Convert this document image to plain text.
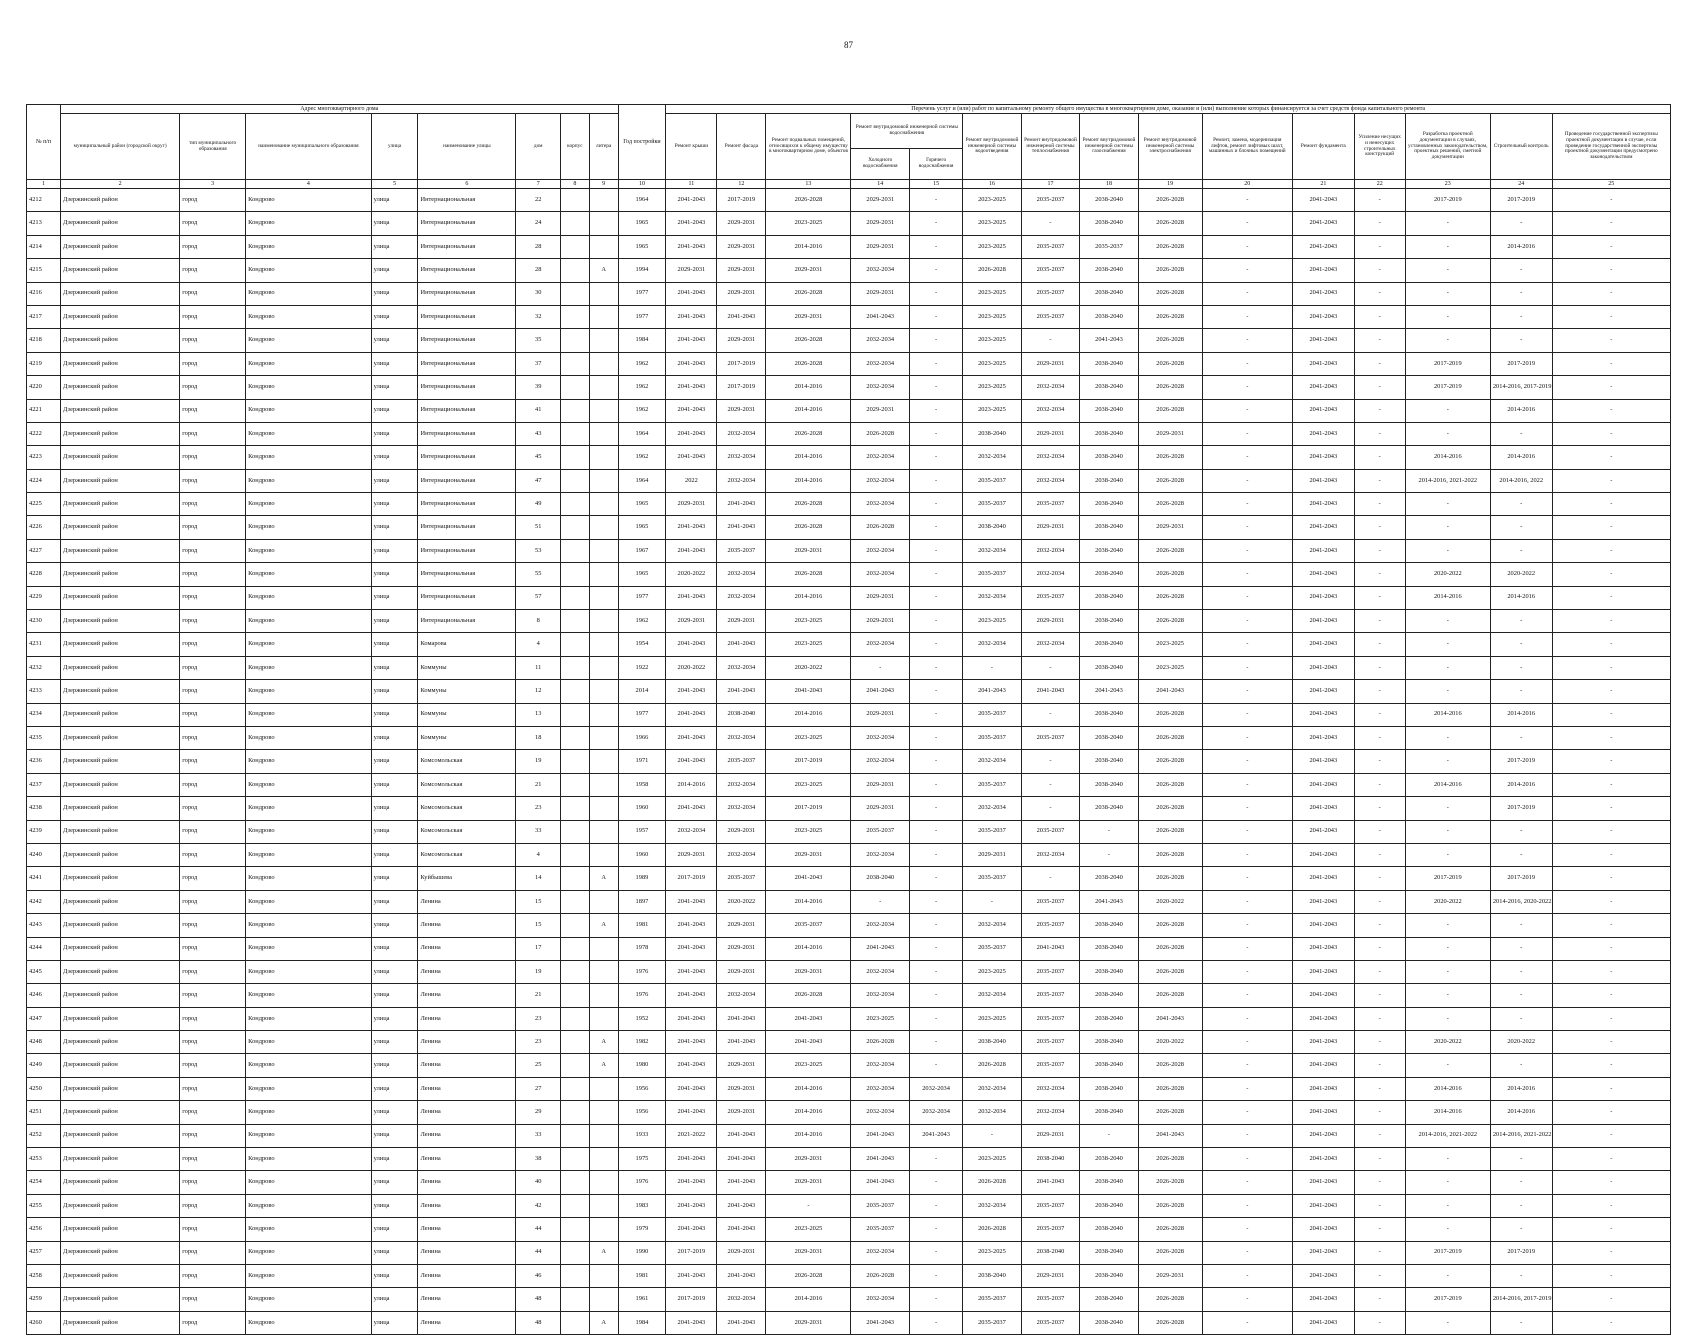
87
№ п/п	Адрес многоквартирного дома								Год постройки	Перечень услуг и (или) работ по капитальному ремонту общего имущества в многоквартирном доме, оказание и (или) выполнение которых финансируется за счет средств фонда капитального ремонта														
	муниципальный район (городской округ)	тип муниципального образования	наименование муниципального образования	улица	наименование улицы	дом	корпус	литера		Ремонт крыши	Ремонт фасада	Ремонт подвальных помещений, относящихся к общему имуществу в многоквартирном доме, объектов	Ремонт внутридомовой инженерной системы водоснабжения		Ремонт внутридомовой инженерной системы водоотведения	Ремонт внутридомовой инженерной системы теплоснабжения	Ремонт внутридомовой инженерной системы газоснабжения	Ремонт внутридомовой инженерной системы электроснабжения	Ремонт, замена, модернизация лифтов, ремонт лифтовых шахт, машинных и блочных помещений	Ремонт фундамента	Усиление несущих и ненесущих строительных конструкций	Разработка проектной документации в случаях, установленных законодательством, проектных решений, сметной документации	Строительный контроль	Проведение государственной экспертизы проектной документации в случае, если проведение государственной экспертизы проектной документации предусмотрено законодательством
													Холодного водоснабжения	Горячего водоснабжения										
1	2	3	4	5	6	7	8	9	10	11	12	13	14	15	16	17	18	19	20	21	22	23	24	25
4212	Дзержинский район	город	Кондрово	улица	Интернациональная	22			1964	2041-2043	2017-2019	2026-2028	2029-2031	-	2023-2025	2035-2037	2038-2040	2026-2028	-	2041-2043	-	2017-2019	2017-2019	-
4213	Дзержинский район	город	Кондрово	улица	Интернациональная	24			1965	2041-2043	2029-2031	2023-2025	2029-2031	-	2023-2025	-	2038-2040	2026-2028	-	2041-2043	-	-	-	-
4214	Дзержинский район	город	Кондрово	улица	Интернациональная	28			1965	2041-2043	2029-2031	2014-2016	2029-2031	-	2023-2025	2035-2037	2035-2037	2026-2028	-	2041-2043	-	-	2014-2016	-
4215	Дзержинский район	город	Кондрово	улица	Интернациональная	28		А	1994	2029-2031	2029-2031	2029-2031	2032-2034	-	2026-2028	2035-2037	2038-2040	2026-2028	-	2041-2043	-	-	-	-
4216	Дзержинский район	город	Кондрово	улица	Интернациональная	30			1977	2041-2043	2029-2031	2026-2028	2029-2031	-	2023-2025	2035-2037	2038-2040	2026-2028	-	2041-2043	-	-	-	-
4217	Дзержинский район	город	Кондрово	улица	Интернациональная	32			1977	2041-2043	2041-2043	2029-2031	2041-2043	-	2023-2025	2035-2037	2038-2040	2026-2028	-	2041-2043	-	-	-	-
4218	Дзержинский район	город	Кондрово	улица	Интернациональная	35			1984	2041-2043	2029-2031	2026-2028	2032-2034	-	2023-2025	-	2041-2043	2026-2028	-	2041-2043	-	-	-	-
4219	Дзержинский район	город	Кондрово	улица	Интернациональная	37			1962	2041-2043	2017-2019	2026-2028	2032-2034	-	2023-2025	2029-2031	2038-2040	2026-2028	-	2041-2043	-	2017-2019	2017-2019	-
4220	Дзержинский район	город	Кондрово	улица	Интернациональная	39			1962	2041-2043	2017-2019	2014-2016	2032-2034	-	2023-2025	2032-2034	2038-2040	2026-2028	-	2041-2043	-	2017-2019	2014-2016, 2017-2019	-
4221	Дзержинский район	город	Кондрово	улица	Интернациональная	41			1962	2041-2043	2029-2031	2014-2016	2029-2031	-	2023-2025	2032-2034	2038-2040	2026-2028	-	2041-2043	-	-	2014-2016	-
4222	Дзержинский район	город	Кондрово	улица	Интернациональная	43			1964	2041-2043	2032-2034	2026-2028	2026-2028	-	2038-2040	2029-2031	2038-2040	2029-2031	-	2041-2043	-	-	-	-
4223	Дзержинский район	город	Кондрово	улица	Интернациональная	45			1962	2041-2043	2032-2034	2014-2016	2032-2034	-	2032-2034	2032-2034	2038-2040	2026-2028	-	2041-2043	-	2014-2016	2014-2016	-
4224	Дзержинский район	город	Кондрово	улица	Интернациональная	47			1964	2022	2032-2034	2014-2016	2032-2034	-	2035-2037	2032-2034	2038-2040	2026-2028	-	2041-2043	-	2014-2016, 2021-2022	2014-2016, 2022	-
4225	Дзержинский район	город	Кондрово	улица	Интернациональная	49			1965	2029-2031	2041-2043	2026-2028	2032-2034	-	2035-2037	2035-2037	2038-2040	2026-2028	-	2041-2043	-	-	-	-
4226	Дзержинский район	город	Кондрово	улица	Интернациональная	51			1965	2041-2043	2041-2043	2026-2028	2026-2028	-	2038-2040	2029-2031	2038-2040	2029-2031	-	2041-2043	-	-	-	-
4227	Дзержинский район	город	Кондрово	улица	Интернациональная	53			1967	2041-2043	2035-2037	2029-2031	2032-2034	-	2032-2034	2032-2034	2038-2040	2026-2028	-	2041-2043	-	-	-	-
4228	Дзержинский район	город	Кондрово	улица	Интернациональная	55			1965	2020-2022	2032-2034	2026-2028	2032-2034	-	2035-2037	2032-2034	2038-2040	2026-2028	-	2041-2043	-	2020-2022	2020-2022	-
4229	Дзержинский район	город	Кондрово	улица	Интернациональная	57			1977	2041-2043	2032-2034	2014-2016	2029-2031	-	2032-2034	2035-2037	2038-2040	2026-2028	-	2041-2043	-	2014-2016	2014-2016	-
4230	Дзержинский район	город	Кондрово	улица	Интернациональная	8			1962	2029-2031	2029-2031	2023-2025	2029-2031	-	2023-2025	2029-2031	2038-2040	2026-2028	-	2041-2043	-	-	-	-
4231	Дзержинский район	город	Кондрово	улица	Комарова	4			1954	2041-2043	2041-2043	2023-2025	2032-2034	-	2032-2034	2032-2034	2038-2040	2023-2025	-	2041-2043	-	-	-	-
4232	Дзержинский район	город	Кондрово	улица	Коммуны	11			1922	2020-2022	2032-2034	2020-2022	-	-	-	-	2038-2040	2023-2025	-	2041-2043	-	-	-	-
4233	Дзержинский район	город	Кондрово	улица	Коммуны	12			2014	2041-2043	2041-2043	2041-2043	2041-2043	-	2041-2043	2041-2043	2041-2043	2041-2043	-	2041-2043	-	-	-	-
4234	Дзержинский район	город	Кондрово	улица	Коммуны	13			1977	2041-2043	2038-2040	2014-2016	2029-2031	-	2035-2037	-	2038-2040	2026-2028	-	2041-2043	-	2014-2016	2014-2016	-
4235	Дзержинский район	город	Кондрово	улица	Коммуны	18			1966	2041-2043	2032-2034	2023-2025	2032-2034	-	2035-2037	2035-2037	2038-2040	2026-2028	-	2041-2043	-	-	-	-
4236	Дзержинский район	город	Кондрово	улица	Комсомольская	19			1971	2041-2043	2035-2037	2017-2019	2032-2034	-	2032-2034	-	2038-2040	2026-2028	-	2041-2043	-	-	2017-2019	-
4237	Дзержинский район	город	Кондрово	улица	Комсомольская	21			1958	2014-2016	2032-2034	2023-2025	2029-2031	-	2035-2037	-	2038-2040	2026-2028	-	2041-2043	-	2014-2016	2014-2016	-
4238	Дзержинский район	город	Кондрово	улица	Комсомольская	23			1960	2041-2043	2032-2034	2017-2019	2029-2031	-	2032-2034	-	2038-2040	2026-2028	-	2041-2043	-	-	2017-2019	-
4239	Дзержинский район	город	Кондрово	улица	Комсомольская	33			1957	2032-2034	2029-2031	2023-2025	2035-2037	-	2035-2037	2035-2037	-	2026-2028	-	2041-2043	-	-	-	-
4240	Дзержинский район	город	Кондрово	улица	Комсомольская	4			1960	2029-2031	2032-2034	2029-2031	2032-2034	-	2029-2031	2032-2034	-	2026-2028	-	2041-2043	-	-	-	-
4241	Дзержинский район	город	Кондрово	улица	Куйбышева	14		А	1989	2017-2019	2035-2037	2041-2043	2038-2040	-	2035-2037	-	2038-2040	2026-2028	-	2041-2043	-	2017-2019	2017-2019	-
4242	Дзержинский район	город	Кондрово	улица	Ленина	15			1897	2041-2043	2020-2022	2014-2016	-	-	-	2035-2037	2041-2043	2020-2022	-	2041-2043	-	2020-2022	2014-2016, 2020-2022	-
4243	Дзержинский район	город	Кондрово	улица	Ленина	15		А	1981	2041-2043	2029-2031	2035-2037	2032-2034	-	2032-2034	2035-2037	2038-2040	2026-2028	-	2041-2043	-	-	-	-
4244	Дзержинский район	город	Кондрово	улица	Ленина	17			1978	2041-2043	2029-2031	2014-2016	2041-2043	-	2035-2037	2041-2043	2038-2040	2026-2028	-	2041-2043	-	-	-	-
4245	Дзержинский район	город	Кондрово	улица	Ленина	19			1976	2041-2043	2029-2031	2029-2031	2032-2034	-	2023-2025	2035-2037	2038-2040	2026-2028	-	2041-2043	-	-	-	-
4246	Дзержинский район	город	Кондрово	улица	Ленина	21			1976	2041-2043	2032-2034	2026-2028	2032-2034	-	2032-2034	2035-2037	2038-2040	2026-2028	-	2041-2043	-	-	-	-
4247	Дзержинский район	город	Кондрово	улица	Ленина	23			1952	2041-2043	2041-2043	2041-2043	2023-2025	-	2023-2025	2035-2037	2038-2040	2041-2043	-	2041-2043	-	-	-	-
4248	Дзержинский район	город	Кондрово	улица	Ленина	23		А	1982	2041-2043	2041-2043	2041-2043	2026-2028	-	2038-2040	2035-2037	2038-2040	2020-2022	-	2041-2043	-	2020-2022	2020-2022	-
4249	Дзержинский район	город	Кондрово	улица	Ленина	25		А	1980	2041-2043	2029-2031	2023-2025	2032-2034	-	2026-2028	2035-2037	2038-2040	2026-2028	-	2041-2043	-	-	-	-
4250	Дзержинский район	город	Кондрово	улица	Ленина	27			1956	2041-2043	2029-2031	2014-2016	2032-2034	2032-2034	2032-2034	2032-2034	2038-2040	2026-2028	-	2041-2043	-	2014-2016	2014-2016	-
4251	Дзержинский район	город	Кондрово	улица	Ленина	29			1956	2041-2043	2029-2031	2014-2016	2032-2034	2032-2034	2032-2034	2032-2034	2038-2040	2026-2028	-	2041-2043	-	2014-2016	2014-2016	-
4252	Дзержинский район	город	Кондрово	улица	Ленина	33			1933	2021-2022	2041-2043	2014-2016	2041-2043	2041-2043	-	2029-2031	-	2041-2043	-	2041-2043	-	2014-2016, 2021-2022	2014-2016, 2021-2022	-
4253	Дзержинский район	город	Кондрово	улица	Ленина	38			1975	2041-2043	2041-2043	2029-2031	2041-2043	-	2023-2025	2038-2040	2038-2040	2026-2028	-	2041-2043	-	-	-	-
4254	Дзержинский район	город	Кондрово	улица	Ленина	40			1976	2041-2043	2041-2043	2029-2031	2041-2043	-	2026-2028	2041-2043	2038-2040	2026-2028	-	2041-2043	-	-	-	-
4255	Дзержинский район	город	Кондрово	улица	Ленина	42			1983	2041-2043	2041-2043	-	2035-2037	-	2032-2034	2035-2037	2038-2040	2026-2028	-	2041-2043	-	-	-	-
4256	Дзержинский район	город	Кондрово	улица	Ленина	44			1979	2041-2043	2041-2043	2023-2025	2035-2037	-	2026-2028	2035-2037	2038-2040	2026-2028	-	2041-2043	-	-	-	-
4257	Дзержинский район	город	Кондрово	улица	Ленина	44		А	1990	2017-2019	2029-2031	2029-2031	2032-2034	-	2023-2025	2038-2040	2038-2040	2026-2028	-	2041-2043	-	2017-2019	2017-2019	-
4258	Дзержинский район	город	Кондрово	улица	Ленина	46			1981	2041-2043	2041-2043	2026-2028	2026-2028	-	2038-2040	2029-2031	2038-2040	2029-2031	-	2041-2043	-	-	-	-
4259	Дзержинский район	город	Кондрово	улица	Ленина	48			1961	2017-2019	2032-2034	2014-2016	2032-2034	-	2035-2037	2035-2037	2038-2040	2026-2028	-	2041-2043	-	2017-2019	2014-2016, 2017-2019	-
4260	Дзержинский район	город	Кондрово	улица	Ленина	48		А	1984	2041-2043	2041-2043	2029-2031	2041-2043	-	2035-2037	2035-2037	2038-2040	2026-2028	-	2041-2043	-	-	-	-
